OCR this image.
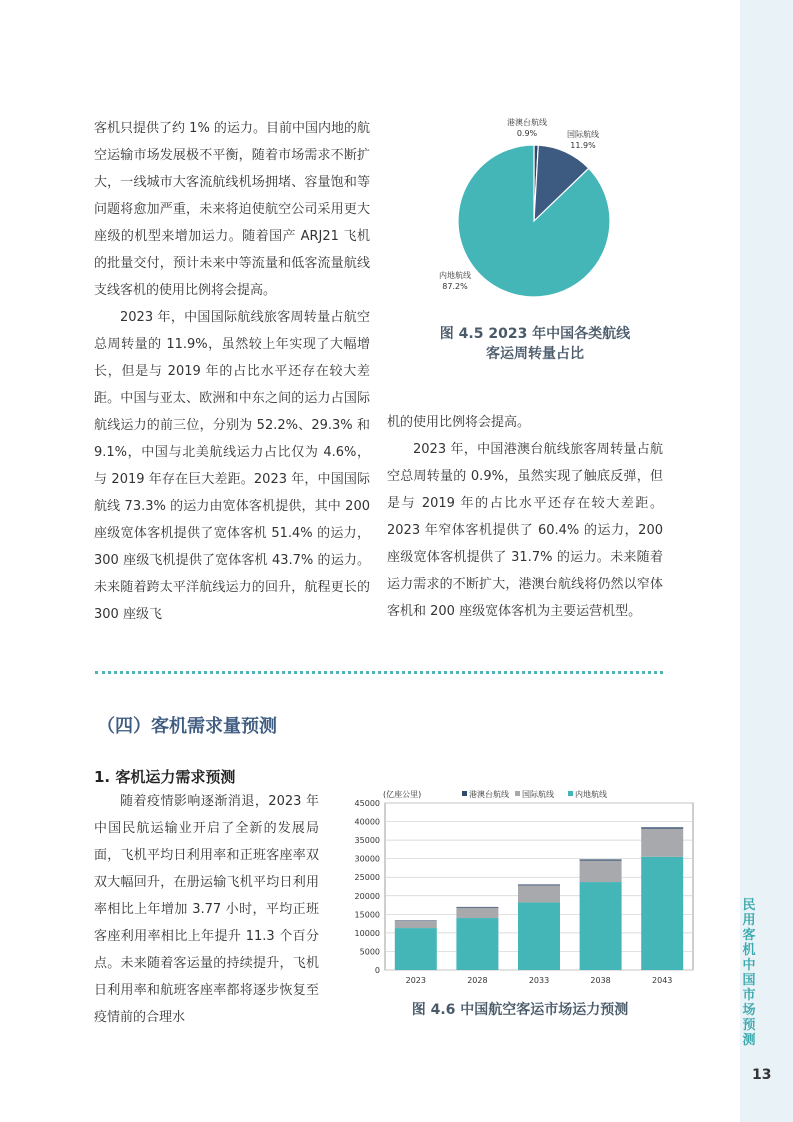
客机只提供了约 1% 的运力。目前中国内地的航空运输市场发展极不平衡，随着市场需求不断扩大，一线城市大客流航线机场拥堵、容量饱和等问题将愈加严重，未来将迫使航空公司采用更大座级的机型来增加运力。随着国产 ARJ21 飞机的批量交付，预计未来中等流量和低客流量航线支线客机的使用比例将会提高。

2023 年，中国国际航线旅客周转量占航空总周转量的 11.9%，虽然较上年实现了大幅增长，但是与 2019 年的占比水平还存在较大差距。中国与亚太、欧洲和中东之间的运力占国际航线运力的前三位，分别为 52.2%、29.3% 和 9.1%，中国与北美航线运力占比仅为 4.6%，与 2019 年存在巨大差距。2023 年，中国国际航线 73.3% 的运力由宽体客机提供，其中 200 座级宽体客机提供了宽体客机 51.4% 的运力，300 座级飞机提供了宽体客机 43.7% 的运力。未来随着跨太平洋航线运力的回升，航程更长的 300 座级飞

港澳台航线
0.9%	国际航线
11.9%
内地航线
87.2%
图 4.5 2023 年中国各类航线
客运周转量占比

机的使用比例将会提高。

2023 年，中国港澳台航线旅客周转量占航空总周转量的 0.9%，虽然实现了触底反弹，但是与 2019 年的占比水平还存在较大差距。2023 年窄体客机提供了 60.4% 的运力，200 座级宽体客机提供了 31.7% 的运力。未来随着运力需求的不断扩大，港澳台航线将仍然以窄体客机和 200 座级宽体客机为主要运营机型。

（四）客机需求量预测
1. 客机运力需求预测

随着疫情影响逐渐消退，2023 年中国民航运输业开启了全新的发展局面，飞机平均日利用率和正班客座率双双大幅回升，在册运输飞机平均日利用率相比上年增加 3.77 小时，平均正班客座利用率相比上年提升 11.3 个百分点。未来随着客运量的持续提升，飞机日利用率和航班客座率都将逐步恢复至疫情前的合理水

0
5000
10000
15000
20000
25000
30000
35000
40000
45000
(亿座公里)	港澳台航线 国际航线	内地航线
2023	2028	2033	2038	2043
图 4.6 中国航空客运市场运力预测
民用客机中国市场预测
13
